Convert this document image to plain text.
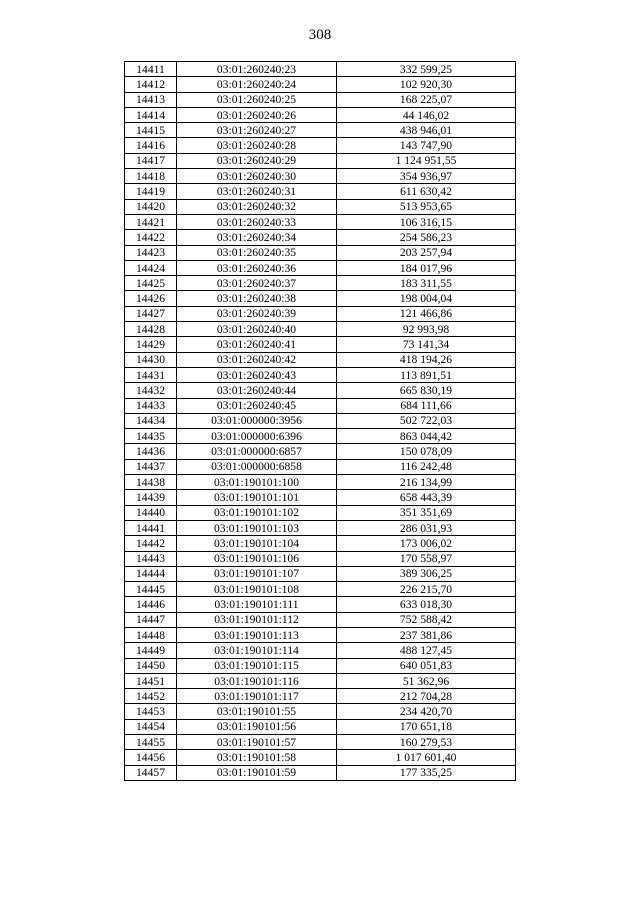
308
14411	03:01:260240:23	332 599,25
14412	03:01:260240:24	102 920,30
14413	03:01:260240:25	168 225,07
14414	03:01:260240:26	44 146,02
14415	03:01:260240:27	438 946,01
14416	03:01:260240:28	143 747,90
14417	03:01:260240:29	1 124 951,55
14418	03:01:260240:30	354 936,97
14419	03:01:260240:31	611 630,42
14420	03:01:260240:32	513 953,65
14421	03:01:260240:33	106 316,15
14422	03:01:260240:34	254 586,23
14423	03:01:260240:35	203 257,94
14424	03:01:260240:36	184 017,96
14425	03:01:260240:37	183 311,55
14426	03:01:260240:38	198 004,04
14427	03:01:260240:39	121 466,86
14428	03:01:260240:40	92 993,98
14429	03:01:260240:41	73 141,34
14430	03:01:260240:42	418 194,26
14431	03:01:260240:43	113 891,51
14432	03:01:260240:44	665 830,19
14433	03:01:260240:45	684 111,66
14434	03:01:000000:3956	502 722,03
14435	03:01:000000:6396	863 044,42
14436	03:01:000000:6857	150 078,09
14437	03:01:000000:6858	116 242,48
14438	03:01:190101:100	216 134,99
14439	03:01:190101:101	658 443,39
14440	03:01:190101:102	351 351,69
14441	03:01:190101:103	286 031,93
14442	03:01:190101:104	173 006,02
14443	03:01:190101:106	170 558,97
14444	03:01:190101:107	389 306,25
14445	03:01:190101:108	226 215,70
14446	03:01:190101:111	633 018,30
14447	03:01:190101:112	752 588,42
14448	03:01:190101:113	237 381,86
14449	03:01:190101:114	488 127,45
14450	03:01:190101:115	640 051,83
14451	03:01:190101:116	51 362,96
14452	03:01:190101:117	212 704,28
14453	03:01:190101:55	234 420,70
14454	03:01:190101:56	170 651,18
14455	03:01:190101:57	160 279,53
14456	03:01:190101:58	1 017 601,40
14457	03:01:190101:59	177 335,25
